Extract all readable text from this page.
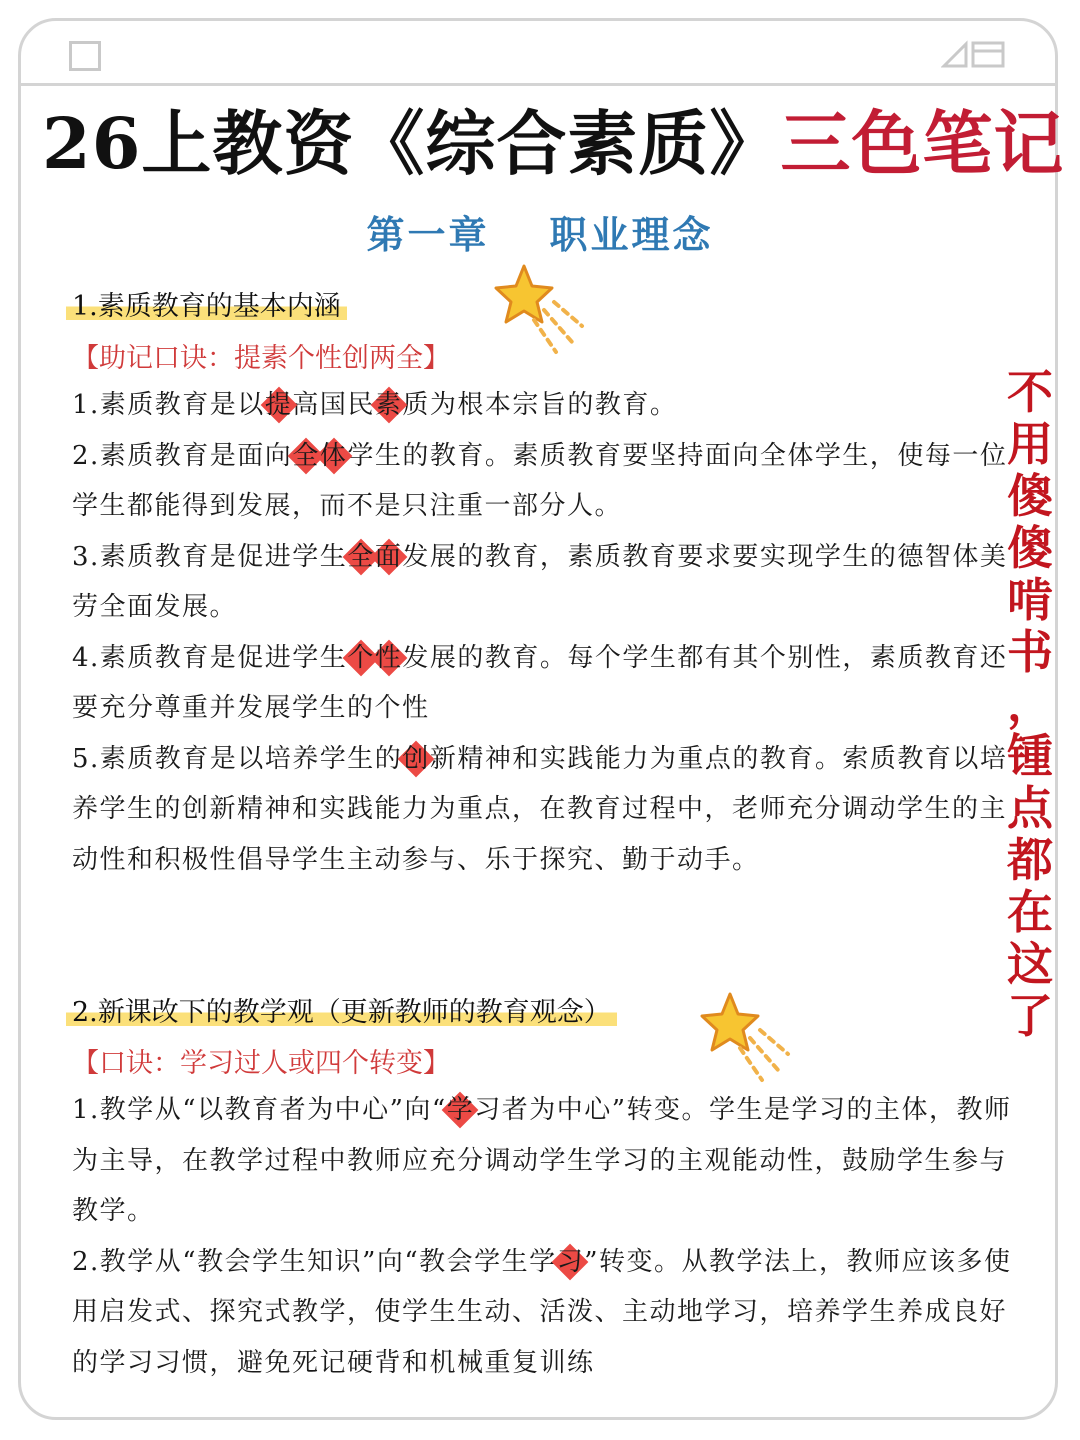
26上教资《综合素质》三色笔记
第一章 职业理念
1.素质教育的基本内涵
【助记口诀：提素个性创两全】

1.素质教育是以提高国民素质为根本宗旨的教育。

2.素质教育是面向全体学生的教育。素质教育要坚持面向全体学生，使每一位学生都能得到发展，而不是只注重一部分人。

3.素质教育是促进学生全面发展的教育，素质教育要求要实现学生的德智体美劳全面发展。

4.素质教育是促进学生个性发展的教育。每个学生都有其个别性，素质教育还要充分尊重并发展学生的个性

5.素质教育是以培养学生的创新精神和实践能力为重点的教育。索质教育以培养学生的创新精神和实践能力为重点，在教育过程中，老师充分调动学生的主动性和积极性倡导学生主动参与、乐于探究、勤于动手。

2.新课改下的教学观（更新教师的教育观念）
【口诀：学习过人或四个转变】

1.教学从“以教育者为中心”向“学习者为中心”转变。学生是学习的主体，教师为主导，在教学过程中教师应充分调动学生学习的主观能动性，鼓励学生参与教学。

2.教学从“教会学生知识”向“教会学生学习”转变。从教学法上，教师应该多使用启发式、探究式教学，使学生生动、活泼、主动地学习，培养学生养成良好的学习习惯，避免死记硬背和机械重复训练

不
用
傻
傻
啃
书
，
锺
点
都
在
这
了
